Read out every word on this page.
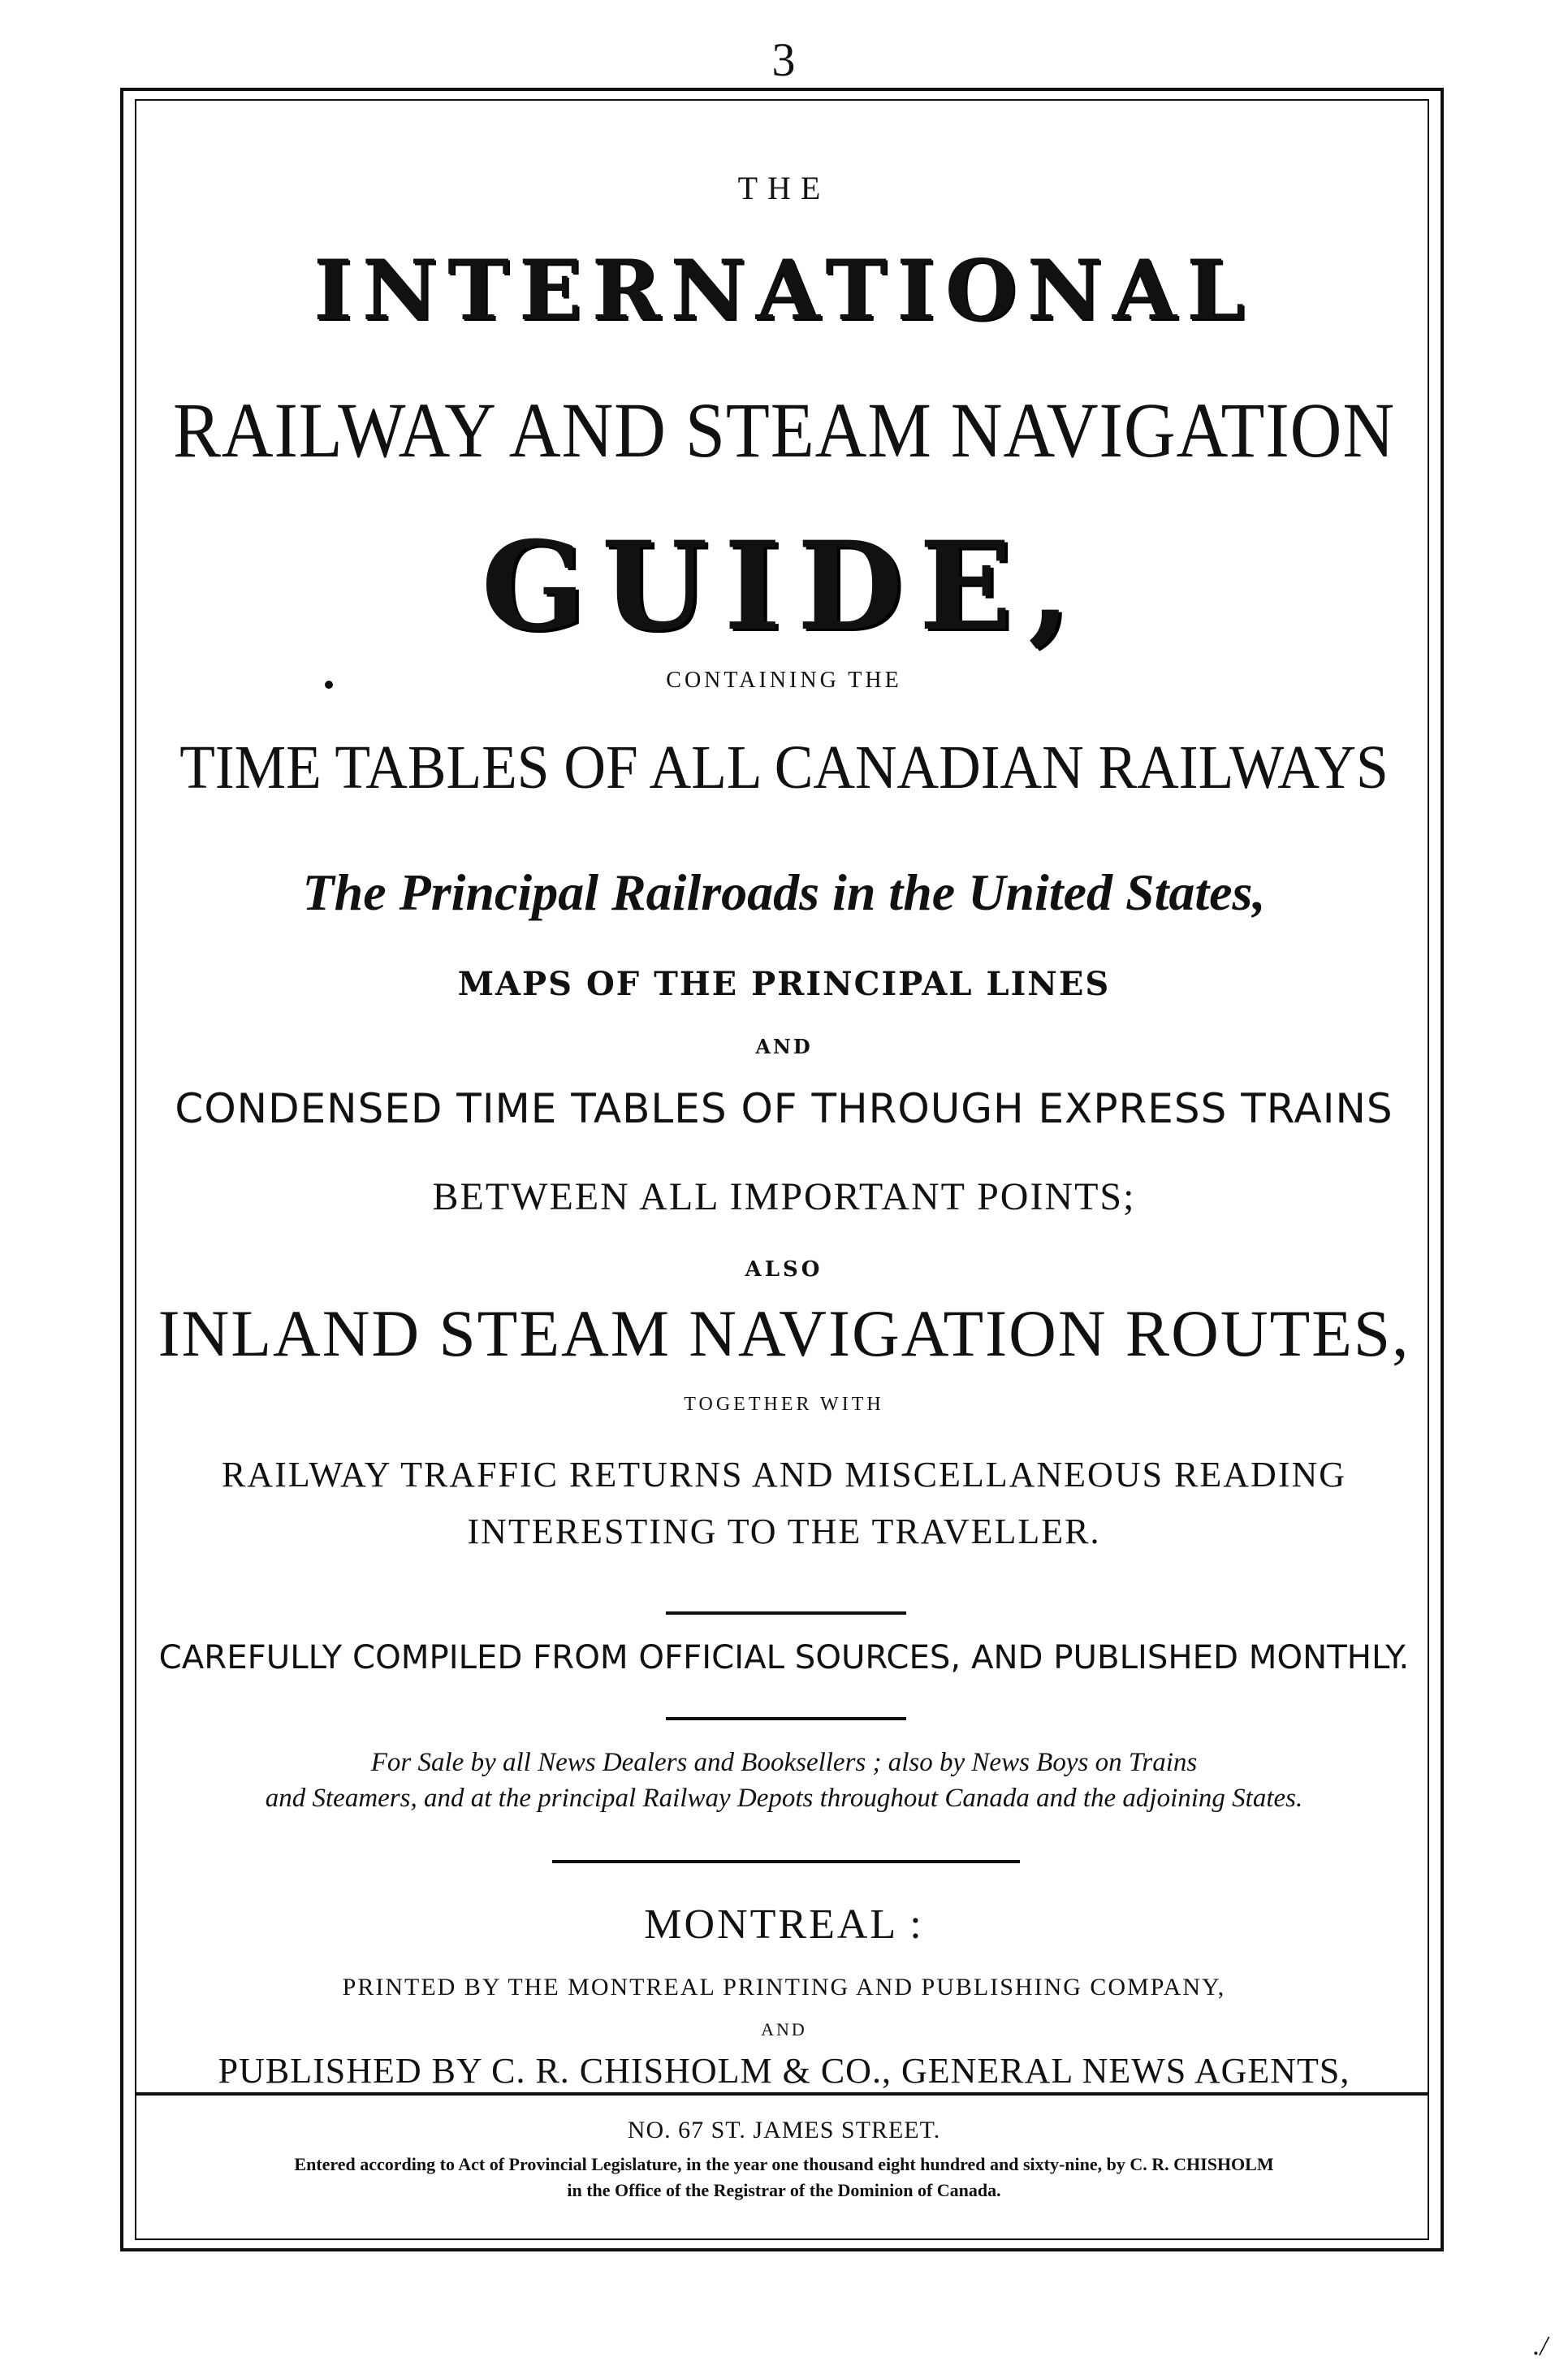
3
THE
INTERNATIONAL
RAILWAY AND STEAM NAVIGATION
GUIDE,
CONTAINING THE
TIME TABLES OF ALL CANADIAN RAILWAYS
The Principal Railroads in the United States,
MAPS OF THE PRINCIPAL LINES
AND
CONDENSED TIME TABLES OF THROUGH EXPRESS TRAINS
BETWEEN ALL IMPORTANT POINTS;
ALSO
INLAND STEAM NAVIGATION ROUTES,
TOGETHER WITH
RAILWAY TRAFFIC RETURNS AND MISCELLANEOUS READING
INTERESTING TO THE TRAVELLER.
CAREFULLY COMPILED FROM OFFICIAL SOURCES, AND PUBLISHED MONTHLY.
For Sale by all News Dealers and Booksellers ; also by News Boys on Trains
and Steamers, and at the principal Railway Depots throughout Canada and the adjoining States.
MONTREAL :
PRINTED BY THE MONTREAL PRINTING AND PUBLISHING COMPANY,
AND
PUBLISHED BY C. R. CHISHOLM & CO., GENERAL NEWS AGENTS,
NO. 67 ST. JAMES STREET.
Entered according to Act of Provincial Legislature, in the year one thousand eight hundred and sixty-nine, by C. R. CHISHOLM
in the Office of the Registrar of the Dominion of Canada.
./
